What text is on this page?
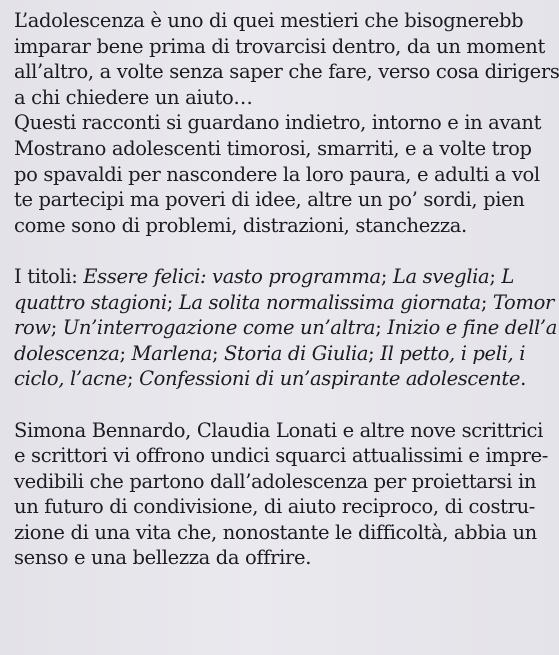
L’adolescenza è uno di quei mestieri che bisognerebb
imparar bene prima di trovarcisi dentro, da un moment
all’altro, a volte senza saper che fare, verso cosa dirigers
a chi chiedere un aiuto…
Questi racconti si guardano indietro, intorno e in avant
Mostrano adolescenti timorosi, smarriti, e a volte trop
po spavaldi per nascondere la loro paura, e adulti a vol
te partecipi ma poveri di idee, altre un po’ sordi, pien
come sono di problemi, distrazioni, stanchezza.
I titoli: Essere felici: vasto programma; La sveglia; L
quattro stagioni; La solita normalissima giornata; Tomor
row; Un’interrogazione come un’altra; Inizio e fine dell’a
dolescenza; Marlena; Storia di Giulia; Il petto, i peli, i
ciclo, l’acne; Confessioni di un’aspirante adolescente.
Simona Bennardo, Claudia Lonati e altre nove scrittrici
e scrittori vi offrono undici squarci attualissimi e impre-
vedibili che partono dall’adolescenza per proiettarsi in
un futuro di condivisione, di aiuto reciproco, di costru-
zione di una vita che, nonostante le difficoltà, abbia un
senso e una bellezza da offrire.
